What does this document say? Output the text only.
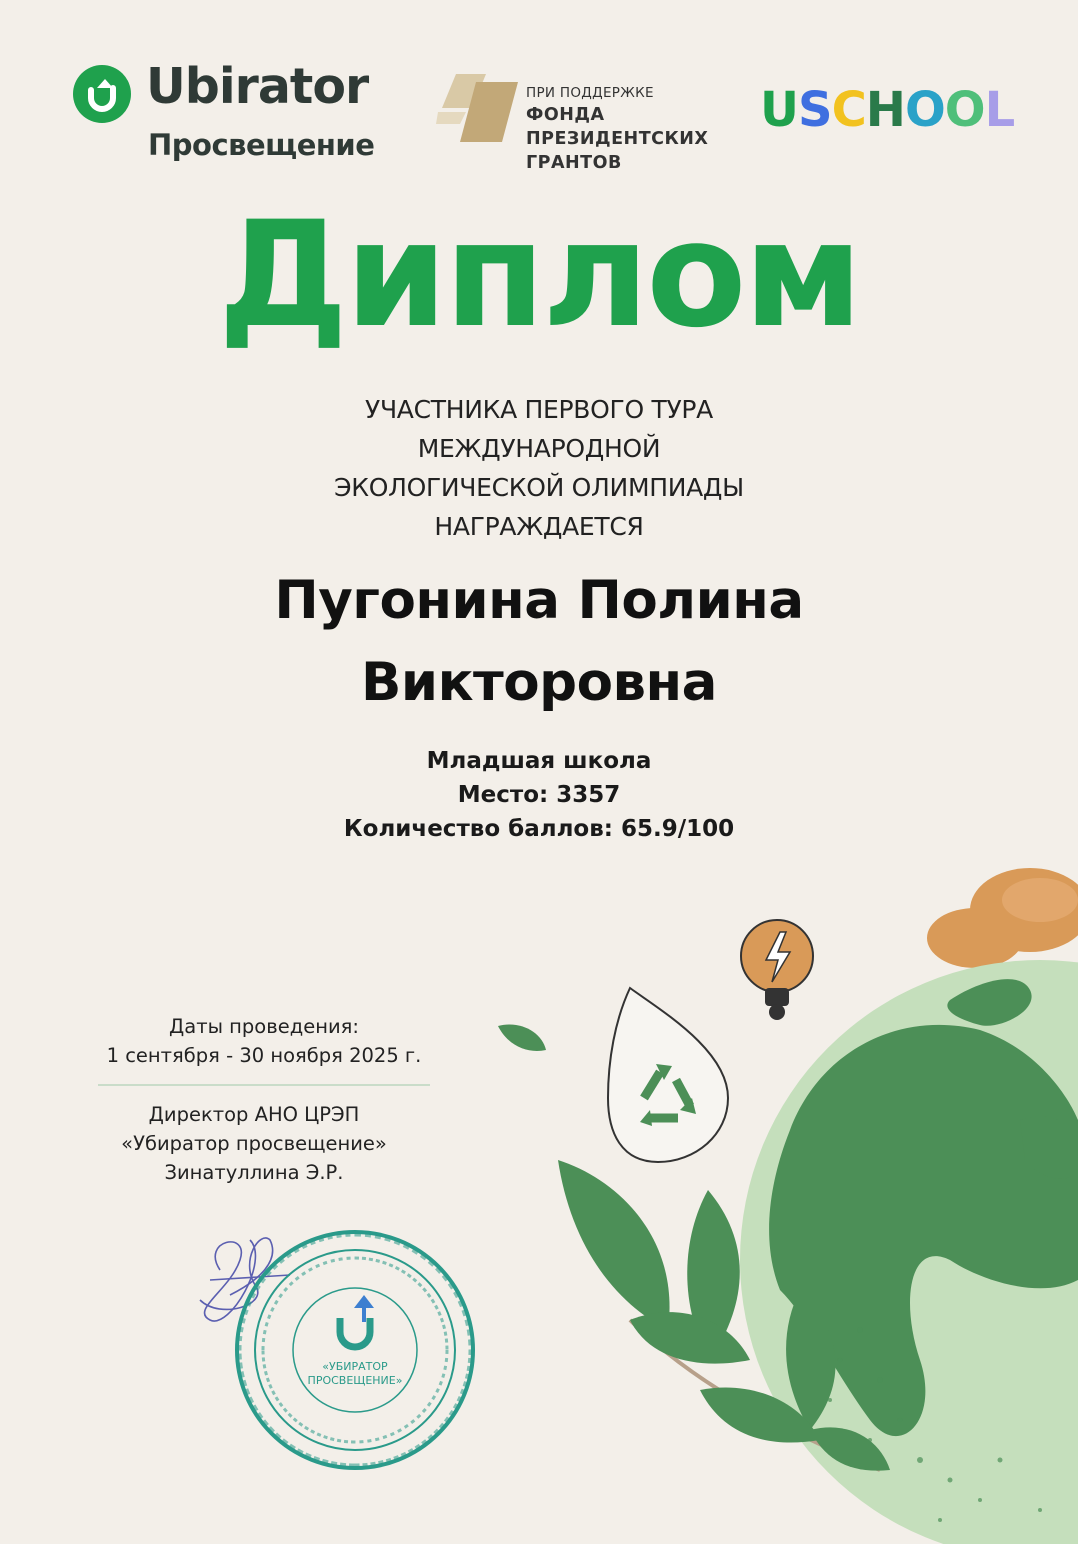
Ubirator
Просвещение
ПРИ ПОДДЕРЖКЕ
ФОНДА
ПРЕЗИДЕНТСКИХ
ГРАНТОВ
USCHOOL
Диплом
УЧАСТНИКА ПЕРВОГО ТУРА
МЕЖДУНАРОДНОЙ
ЭКОЛОГИЧЕСКОЙ ОЛИМПИАДЫ
НАГРАЖДАЕТСЯ
Пугонина Полина
Викторовна
Младшая школа
Место: 3357
Количество баллов: 65.9/100
Даты проведения:
1 сентября - 30 ноября 2025 г.
Директор АНО ЦРЭП
«Убиратор просвещение»
Зинатуллина Э.Р.
«УБИРАТОР
ПРОСВЕЩЕНИЕ»
